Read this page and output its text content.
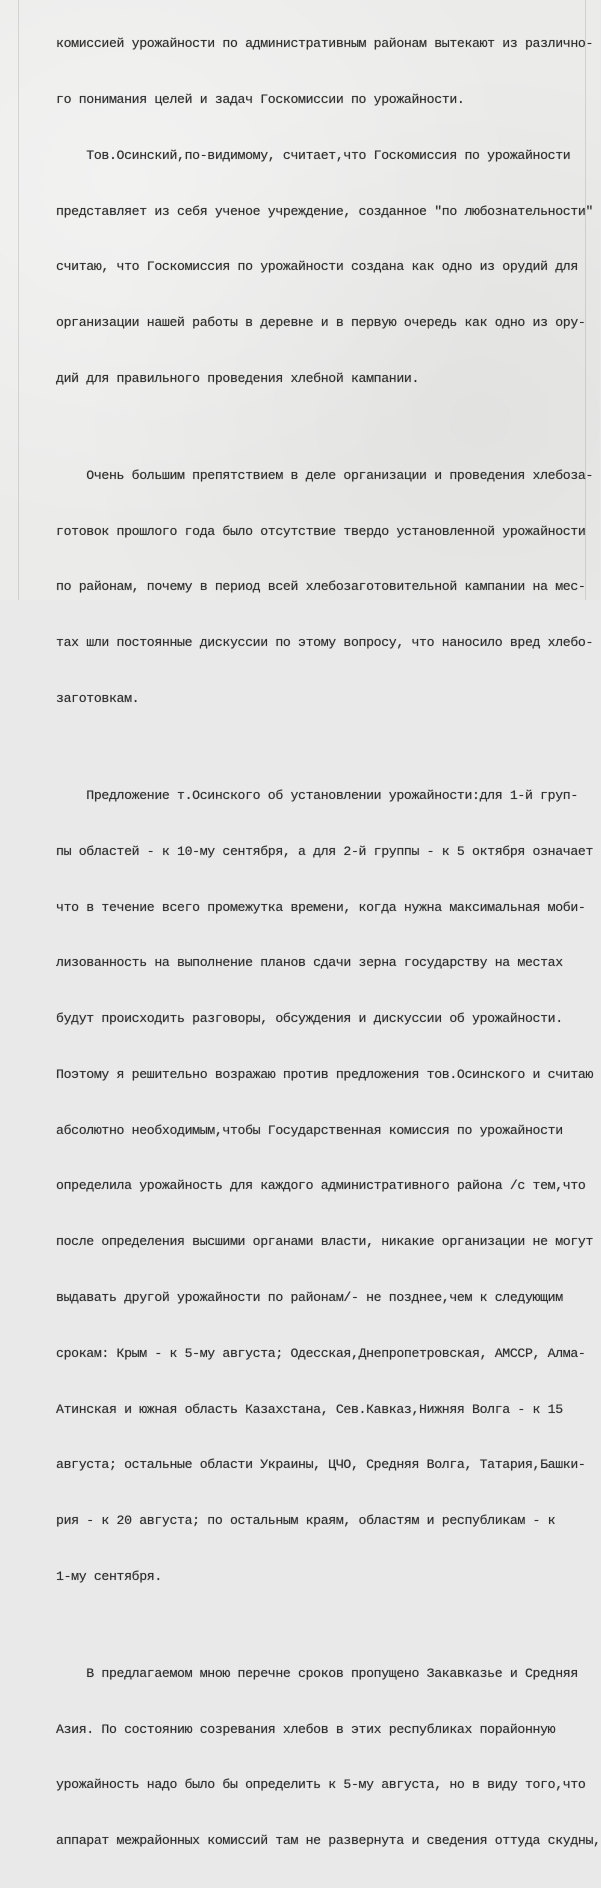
комиссией урожайности по административным районам вытекают из различно-

го понимания целей и задач Госкомиссии по урожайности.

Тов.Осинский,по-видимому, считает,что Госкомиссия по урожайности

представляет из себя ученое учреждение, созданное "по любознательности"

считаю, что Госкомиссия по урожайности создана как одно из орудий для

организации нашей работы в деревне и в первую очередь как одно из ору-

дий для правильного проведения хлебной кампании.

Очень большим препятствием в деле организации и проведения хлебоза-

готовок прошлого года было отсутствие твердо установленной урожайности

по районам, почему в период всей хлебозаготовительной кампании на мес-

тах шли постоянные дискуссии по этому вопросу, что наносило вред хлебо-

заготовкам.

Предложение т.Осинского об установлении урожайности:для 1-й груп-

пы областей - к 10-му сентября, а для 2-й группы - к 5 октября означает

что в течение всего промежутка времени, когда нужна максимальная моби-

лизованность на выполнение планов сдачи зерна государству на местах

будут происходить разговоры, обсуждения и дискуссии об урожайности.

Поэтому я решительно возражаю против предложения тов.Осинского и считаю

абсолютно необходимым,чтобы Государственная комиссия по урожайности

определила урожайность для каждого административного района /с тем,что

после определения высшими органами власти, никакие организации не могут

выдавать другой урожайности по районам/- не позднее,чем к следующим

срокам: Крым - к 5-му августа; Одесская,Днепропетровская, АМССР, Алма-

Атинская и южная область Казахстана, Сев.Кавказ,Нижняя Волга - к 15

августа; остальные области Украины, ЦЧО, Средняя Волга, Татария,Башки-

рия - к 20 августа; по остальным краям, областям и республикам - к

1-му сентября.

В предлагаемом мною перечне сроков пропущено Закавказье и Средняя

Азия. По состоянию созревания хлебов в этих республиках порайонную

урожайность надо было бы определить к 5-му августа, но в виду того,что

аппарат межрайонных комиссий там не развернута и сведения оттуда скудны,
